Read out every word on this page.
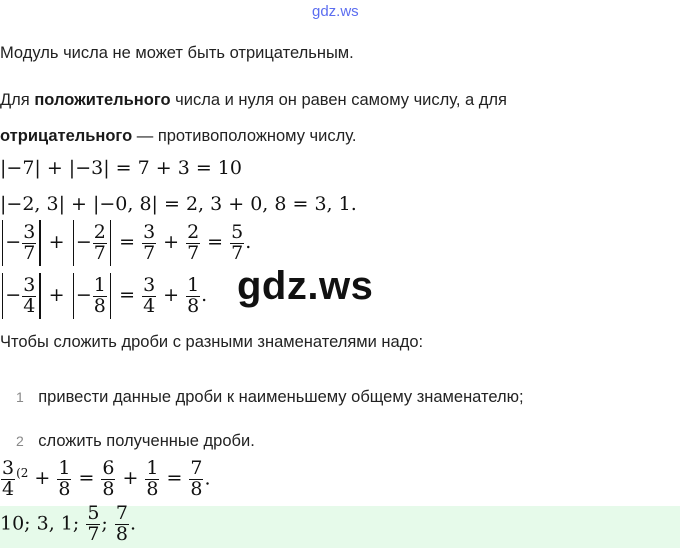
gdz.ws
Модуль числа не может быть отрицательным.
Для положительного числа и нуля он равен самому числу, а для
отрицательного — противоположному числу.
|−7| + |−3| = 7 + 3 = 10
|−2, 3| + |−0, 8| = 2, 3 + 0, 8 = 3, 1.
− $\frac{3}{7}$ + − $\frac{2}{7} = \frac{3}{7} + \frac{2}{7} = \frac{5}{7}$ .
− $\frac{3}{4}$ + − $\frac{1}{8} = \frac{3}{4} + \frac{1}{8}$ . gdz.ws
Чтобы сложить дроби с разными знаменателями надо:
1 привести данные дроби к наименьшему общему знаменателю;
2 сложить полученные дроби.
$\frac{3}{4} ^{(2} + \frac{1}{8} = \frac{6}{8} + \frac{1}{8} = \frac{7}{8}$ .
10; 3, 1; $\frac{5}{7}$ ; $\frac{7}{8}$ .
